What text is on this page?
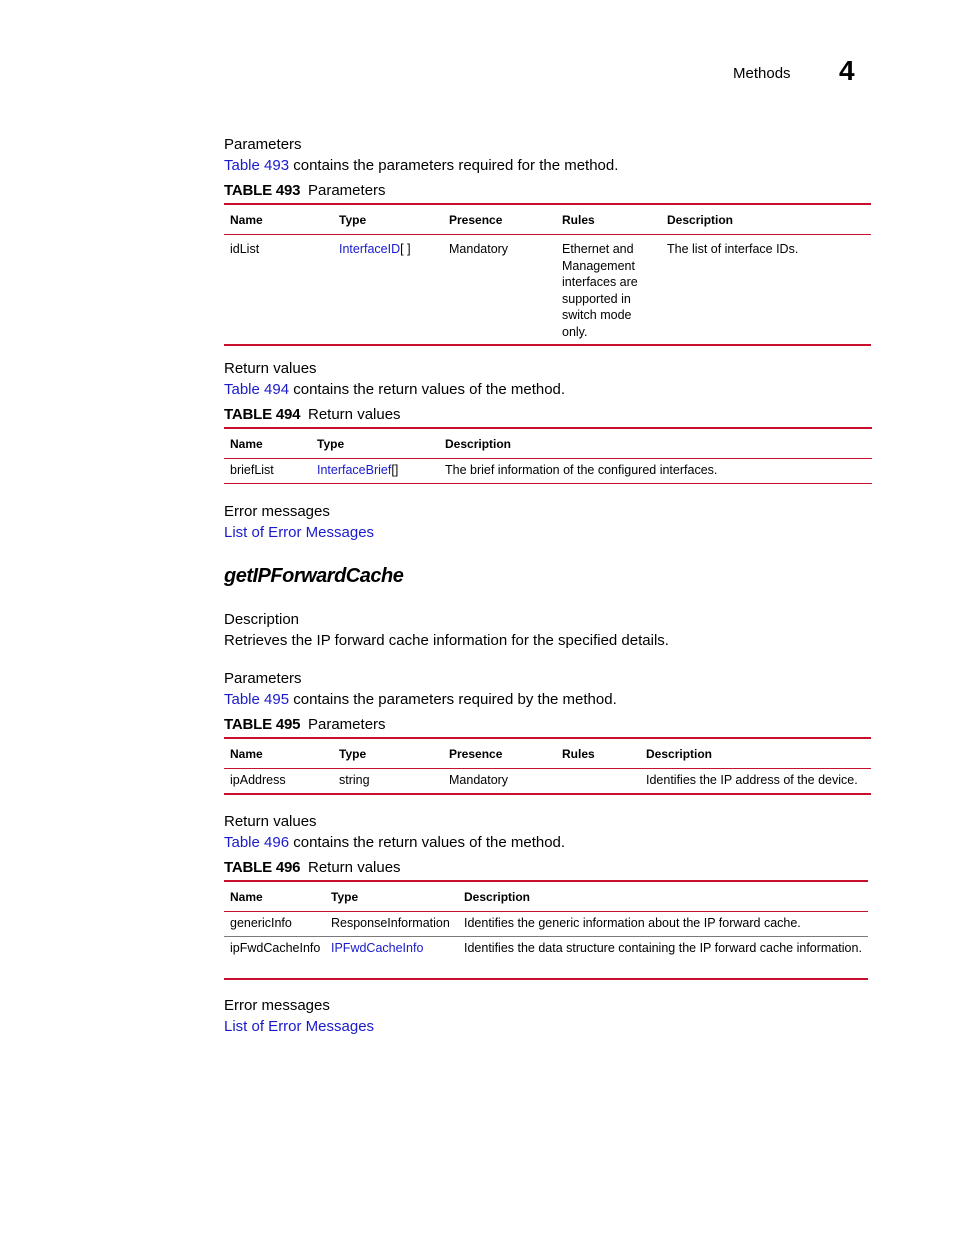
Methods 4
Parameters
Table 493 contains the parameters required for the method.
TABLE 493 Parameters
Name	Type	Presence	Rules	Description
idList	InterfaceID[ ]	Mandatory	Ethernet and Management interfaces are supported in switch mode only.	The list of interface IDs.
Return values
Table 494 contains the return values of the method.
TABLE 494 Return values
Name	Type	Description
briefList	InterfaceBrief[]	The brief information of the configured interfaces.
Error messages
List of Error Messages
getIPForwardCache
Description
Retrieves the IP forward cache information for the specified details.
Parameters
Table 495 contains the parameters required by the method.
TABLE 495 Parameters
Name	Type	Presence	Rules	Description
ipAddress	string	Mandatory		Identifies the IP address of the device.
Return values
Table 496 contains the return values of the method.
TABLE 496 Return values
Name	Type	Description
genericInfo	ResponseInformation	Identifies the generic information about the IP forward cache.
ipFwdCacheInfo	IPFwdCacheInfo	Identifies the data structure containing the IP forward cache information.
Error messages
List of Error Messages
